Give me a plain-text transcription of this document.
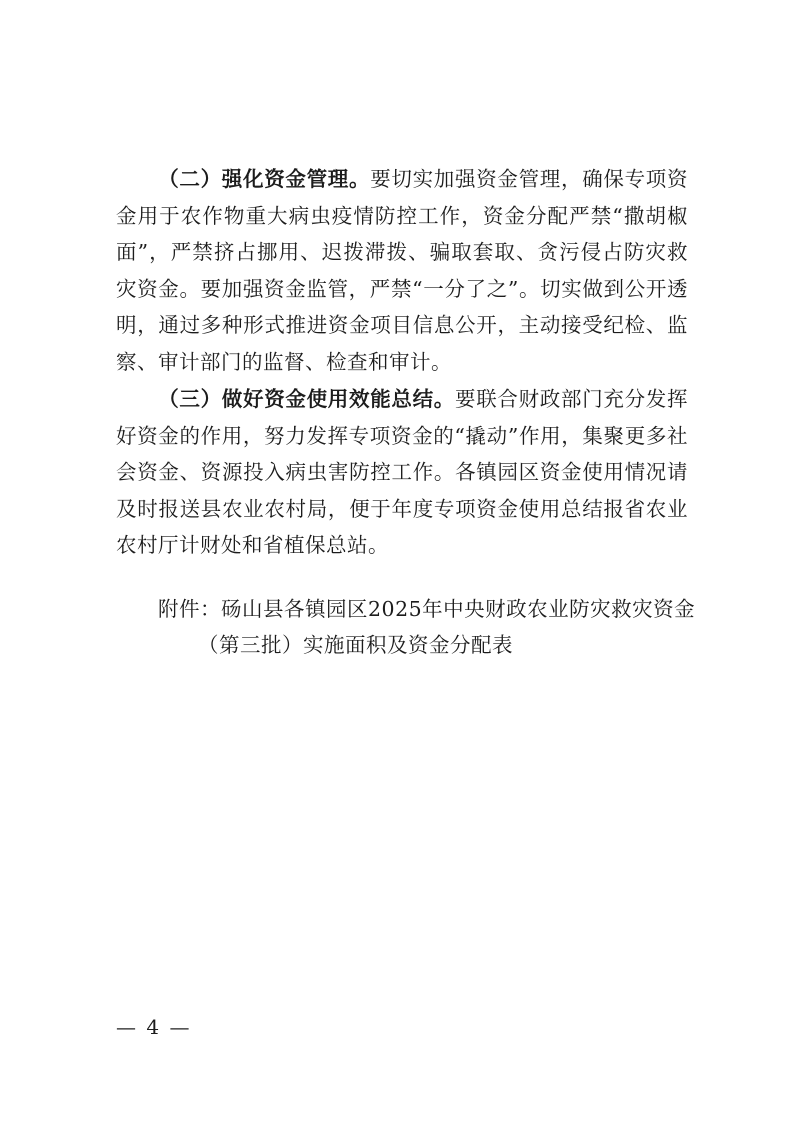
  （二）强化资金管理。要切实加强资金管理，确保专项资金用于农作物重大病虫疫情防控工作，资金分配严禁“撒胡椒面”，严禁挤占挪用、迟拨滞拨、骗取套取、贪污侵占防灾救灾资金。要加强资金监管，严禁“一分了之”。切实做到公开透明，通过多种形式推进资金项目信息公开，主动接受纪检、监察、审计部门的监督、检查和审计。

  （三）做好资金使用效能总结。要联合财政部门充分发挥好资金的作用，努力发挥专项资金的“撬动”作用，集聚更多社会资金、资源投入病虫害防控工作。各镇园区资金使用情况请及时报送县农业农村局，便于年度专项资金使用总结报省农业农村厅计财处和省植保总站。

附件：砀山县各镇园区2025年中央财政农业防灾救灾资金

（第三批）实施面积及资金分配表

— 4 —
